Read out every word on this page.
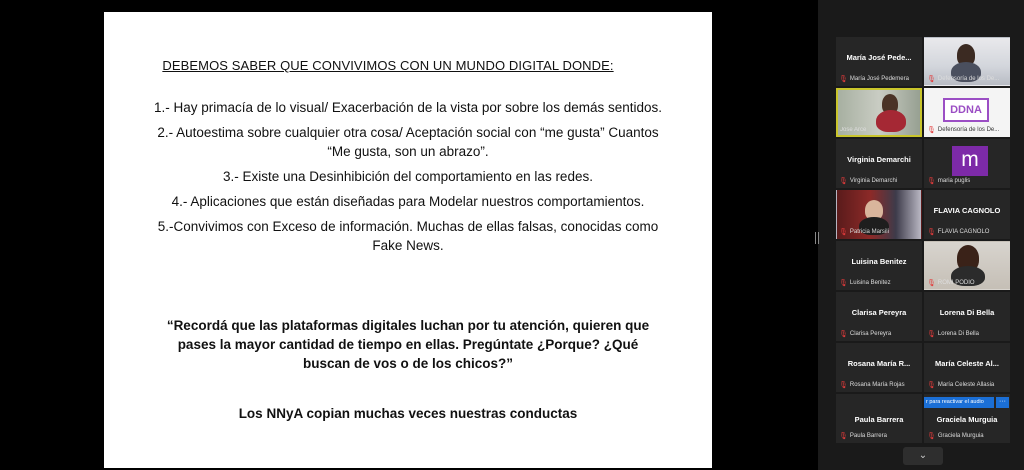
DEBEMOS SABER QUE CONVIVIMOS CON UN MUNDO DIGITAL DONDE:
1.- Hay primacía de lo visual/ Exacerbación de la vista por sobre los demás sentidos.
2.- Autoestima sobre cualquier otra cosa/ Aceptación social con “me gusta” Cuantos “Me gusta, son un abrazo”.
3.- Existe una Desinhibición del comportamiento en las redes.
4.- Aplicaciones que están diseñadas para Modelar nuestros comportamientos.
5.-Convivimos con Exceso de información. Muchas de ellas falsas, conocidas como Fake News.
“Recordá que las plataformas digitales luchan por tu atención, quieren que pases la mayor cantidad de tiempo en ellas. Pregúntate ¿Porque? ¿Qué buscan de vos o de los chicos?”
Los NNyA copian muchas veces nuestras conductas
María José Pede...
🎙 María José Pedemera	🎙 Defensoría de los De...
Jose Arce
DDNA
🎙 Defensoría de los De...
Virginia Demarchi
🎙 Virginia Demarchi
m
🎙 maria puglis
🎙 Patricia Marsili
FLAVIA CAGNOLO
🎙 FLAVIA CAGNOLO
Luisina Benitez
🎙 Luisina Benitez	🎙 ROMI PODIO
Clarisa Pereyra
🎙 Clarisa Pereyra
Lorena Di Bella
🎙 Lorena Di Bella
Rosana María R...
🎙 Rosana María Rojas
María Celeste Al...
🎙 María Celeste Allasia
Paula Barrera
🎙 Paula Barrera
Graciela Murguia
🎙 Graciela Murguia
r para reactivar el audio	···
⌄
